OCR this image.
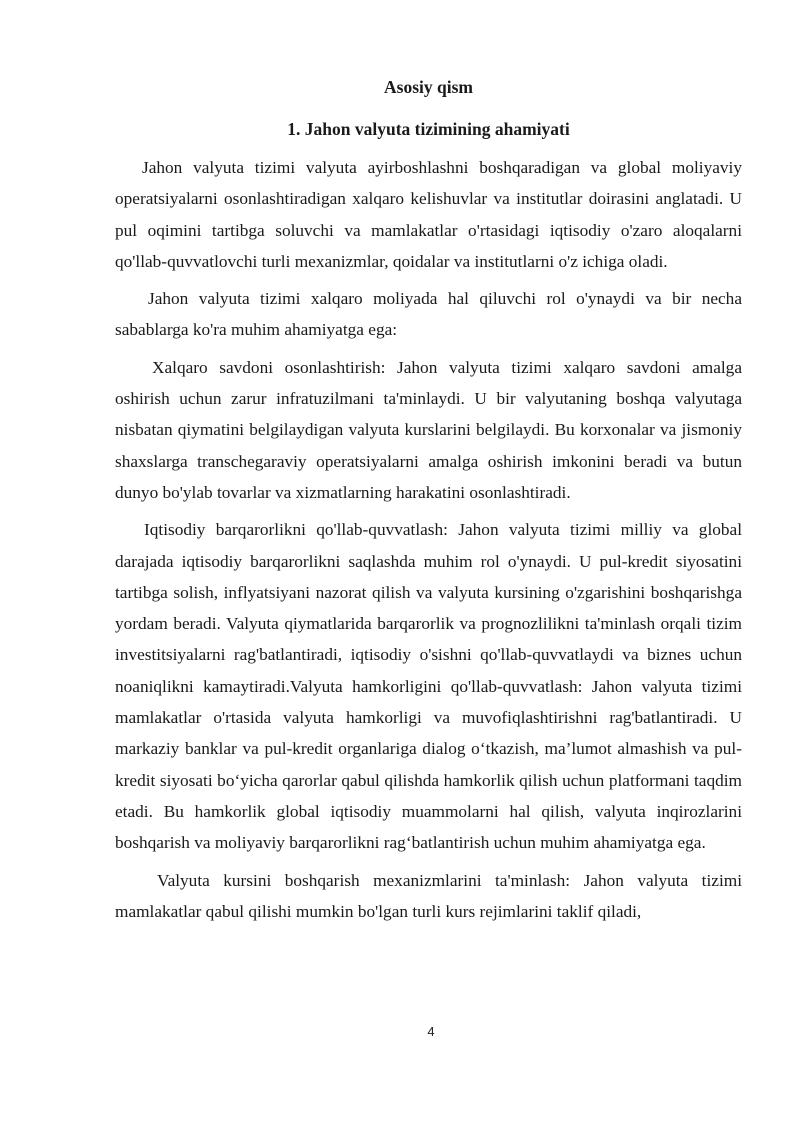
Asosiy qism
1. Jahon valyuta tizimining ahamiyati

Jahon valyuta tizimi valyuta ayirboshlashni boshqaradigan va global moliyaviy operatsiyalarni osonlashtiradigan xalqaro kelishuvlar va institutlar doirasini anglatadi. U pul oqimini tartibga soluvchi va mamlakatlar o'rtasidagi iqtisodiy o'zaro aloqalarni qo'llab-quvvatlovchi turli mexanizmlar, qoidalar va institutlarni o'z ichiga oladi.

Jahon valyuta tizimi xalqaro moliyada hal qiluvchi rol o'ynaydi va bir necha sabablarga ko'ra muhim ahamiyatga ega:

Xalqaro savdoni osonlashtirish: Jahon valyuta tizimi xalqaro savdoni amalga oshirish uchun zarur infratuzilmani ta'minlaydi. U bir valyutaning boshqa valyutaga nisbatan qiymatini belgilaydigan valyuta kurslarini belgilaydi. Bu korxonalar va jismoniy shaxslarga transchegaraviy operatsiyalarni amalga oshirish imkonini beradi va butun dunyo bo'ylab tovarlar va xizmatlarning harakatini osonlashtiradi.

Iqtisodiy barqarorlikni qo'llab-quvvatlash: Jahon valyuta tizimi milliy va global darajada iqtisodiy barqarorlikni saqlashda muhim rol o'ynaydi. U pul-kredit siyosatini tartibga solish, inflyatsiyani nazorat qilish va valyuta kursining o'zgarishini boshqarishga yordam beradi. Valyuta qiymatlarida barqarorlik va prognozlilikni ta'minlash orqali tizim investitsiyalarni rag'batlantiradi, iqtisodiy o'sishni qo'llab-quvvatlaydi va biznes uchun noaniqlikni kamaytiradi.Valyuta hamkorligini qo'llab-quvvatlash: Jahon valyuta tizimi mamlakatlar o'rtasida valyuta hamkorligi va muvofiqlashtirishni rag'batlantiradi. U markaziy banklar va pul-kredit organlariga dialog o‘tkazish, ma’lumot almashish va pul-kredit siyosati bo‘yicha qarorlar qabul qilishda hamkorlik qilish uchun platformani taqdim etadi. Bu hamkorlik global iqtisodiy muammolarni hal qilish, valyuta inqirozlarini boshqarish va moliyaviy barqarorlikni rag‘batlantirish uchun muhim ahamiyatga ega.

Valyuta kursini boshqarish mexanizmlarini ta'minlash: Jahon valyuta tizimi mamlakatlar qabul qilishi mumkin bo'lgan turli kurs rejimlarini taklif qiladi,

4
